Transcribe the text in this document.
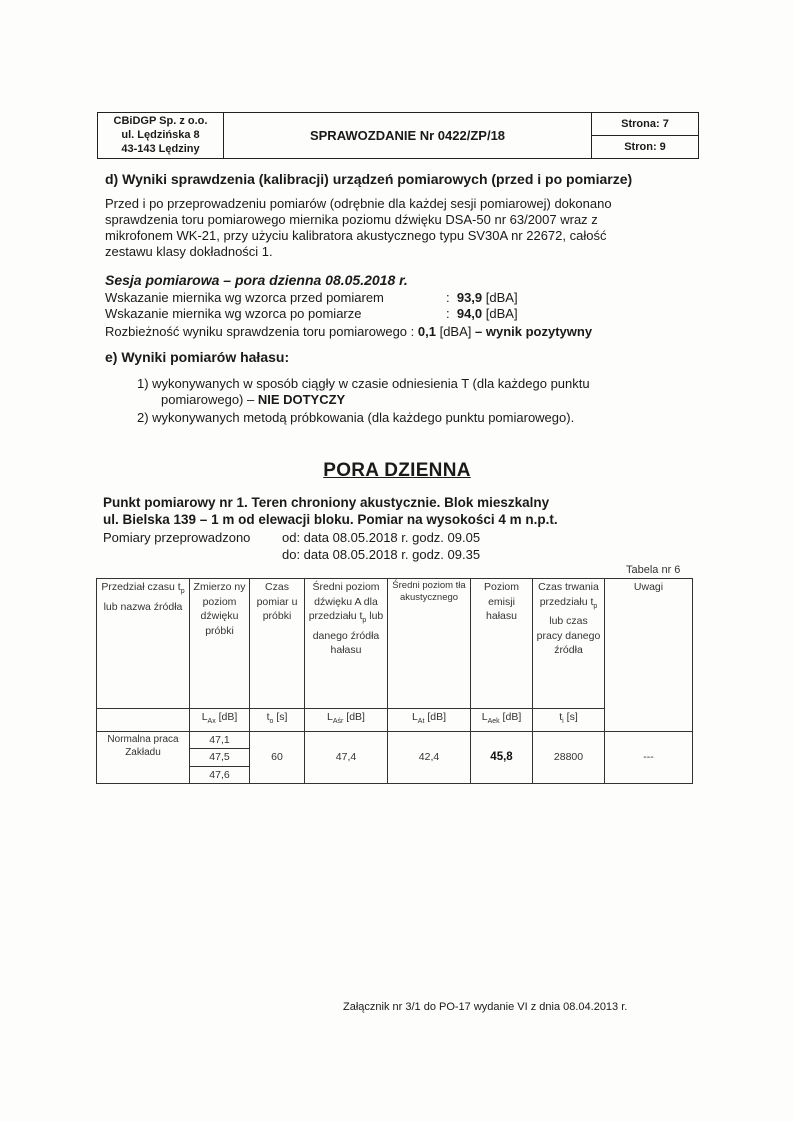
CBiDGP Sp. z o.o.
ul. Lędzińska 8
43-143 Lędziny
SPRAWOZDANIE Nr 0422/ZP/18
Strona: 7
Stron: 9
d) Wyniki sprawdzenia (kalibracji) urządzeń pomiarowych (przed i po pomiarze)
Przed i po przeprowadzeniu pomiarów (odrębnie dla każdej sesji pomiarowej) dokonano
sprawdzenia toru pomiarowego miernika poziomu dźwięku DSA-50 nr 63/2007 wraz z
mikrofonem WK-21, przy użyciu kalibratora akustycznego typu SV30A nr 22672, całość
zestawu klasy dokładności 1.
Sesja pomiarowa – pora dzienna 08.05.2018 r.
Wskazanie miernika wg wzorca przed pomiarem	:  93,9 [dBA]
Wskazanie miernika wg wzorca po pomiarze	:  94,0 [dBA]
Rozbieżność wyniku sprawdzenia toru pomiarowego : 0,1 [dBA] – wynik pozytywny
e) Wyniki pomiarów hałasu:
1) wykonywanych w sposób ciągły w czasie odniesienia T (dla każdego punktu
pomiarowego) – NIE DOTYCZY
2) wykonywanych metodą próbkowania (dla każdego punktu pomiarowego).
PORA DZIENNA
Punkt pomiarowy nr 1. Teren chroniony akustycznie. Blok mieszkalny
ul. Bielska 139 – 1 m od elewacji bloku. Pomiar na wysokości 4 m n.p.t.
Pomiary przeprowadzono od: data 08.05.2018 r. godz. 09.05
do: data 08.05.2018 r. godz. 09.35
Tabela nr 6
Przedział czasu $t_p$ lub nazwa źródła	Zmierzo ny poziom dźwięku próbki	Czas pomiar u próbki	Średni poziom dźwięku A dla przedziału $t_p$ lub danego źródła hałasu	Średni poziom tła akustycznego	Poziom emisji hałasu	Czas trwania przedziału $t_p$ lub czas pracy danego źródła	Uwagi
	$L_{Ax}$ [dB]	$t_o$ [s]	$L_{Aśr}$ [dB]	$L_{At}$ [dB]	$L_{Aek}$ [dB]	$t_i$ [s]	
Normalna praca Zakładu	47,1	60	47,4	42,4	45,8	28800	---
	47,5						
	47,6						
Załącznik nr 3/1 do PO-17 wydanie VI z dnia 08.04.2013 r.
